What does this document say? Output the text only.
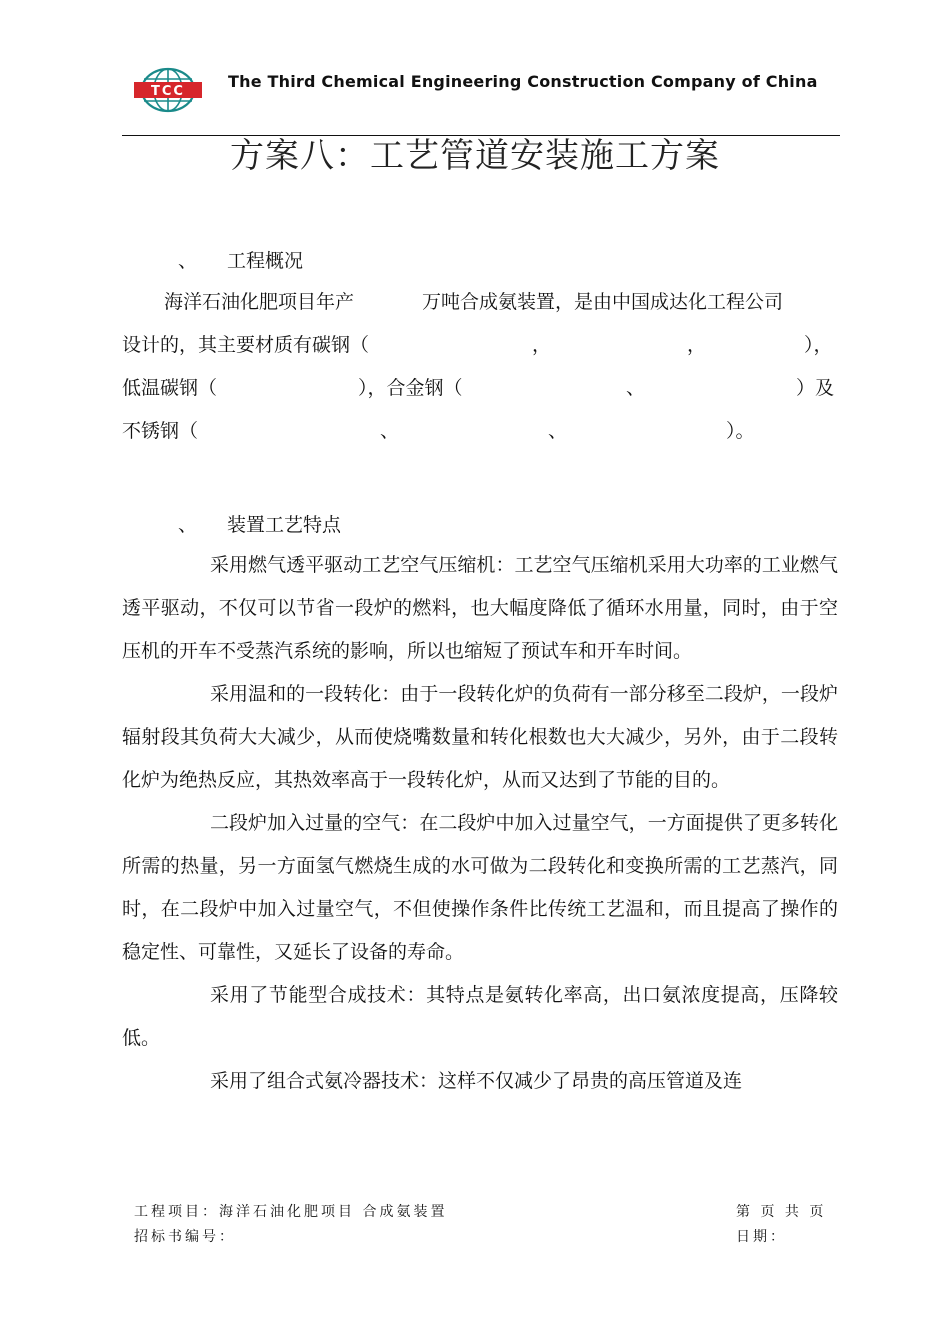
TCC
The Third Chemical Engineering Construction Company of China
方案八：工艺管道安装施工方案
、 工程概况
海洋石油化肥项目年产	万吨合成氨装置，是由中国成达化工程公司
设计的，其主要材质有碳钢（	，	，	），
低温碳钢（	），合金钢（	、	）及
不锈钢（	、	、	）。
、 装置工艺特点
采用燃气透平驱动工艺空气压缩机：工艺空气压缩机采用大功率的工业燃气透平驱动，不仅可以节省一段炉的燃料，也大幅度降低了循环水用量，同时，由于空压机的开车不受蒸汽系统的影响，所以也缩短了预试车和开车时间。
采用温和的一段转化：由于一段转化炉的负荷有一部分移至二段炉，一段炉辐射段其负荷大大减少，从而使烧嘴数量和转化根数也大大减少，另外，由于二段转化炉为绝热反应，其热效率高于一段转化炉，从而又达到了节能的目的。
二段炉加入过量的空气：在二段炉中加入过量空气，一方面提供了更多转化所需的热量，另一方面氢气燃烧生成的水可做为二段转化和变换所需的工艺蒸汽，同时，在二段炉中加入过量空气，不但使操作条件比传统工艺温和，而且提高了操作的稳定性、可靠性，又延长了设备的寿命。
采用了节能型合成技术：其特点是氨转化率高，出口氨浓度提高，压降较低。
采用了组合式氨冷器技术：这样不仅减少了昂贵的高压管道及连
工程项目：海洋石油化肥项目 合成氨装置
招标书编号：
第 页 共 页
日期：
